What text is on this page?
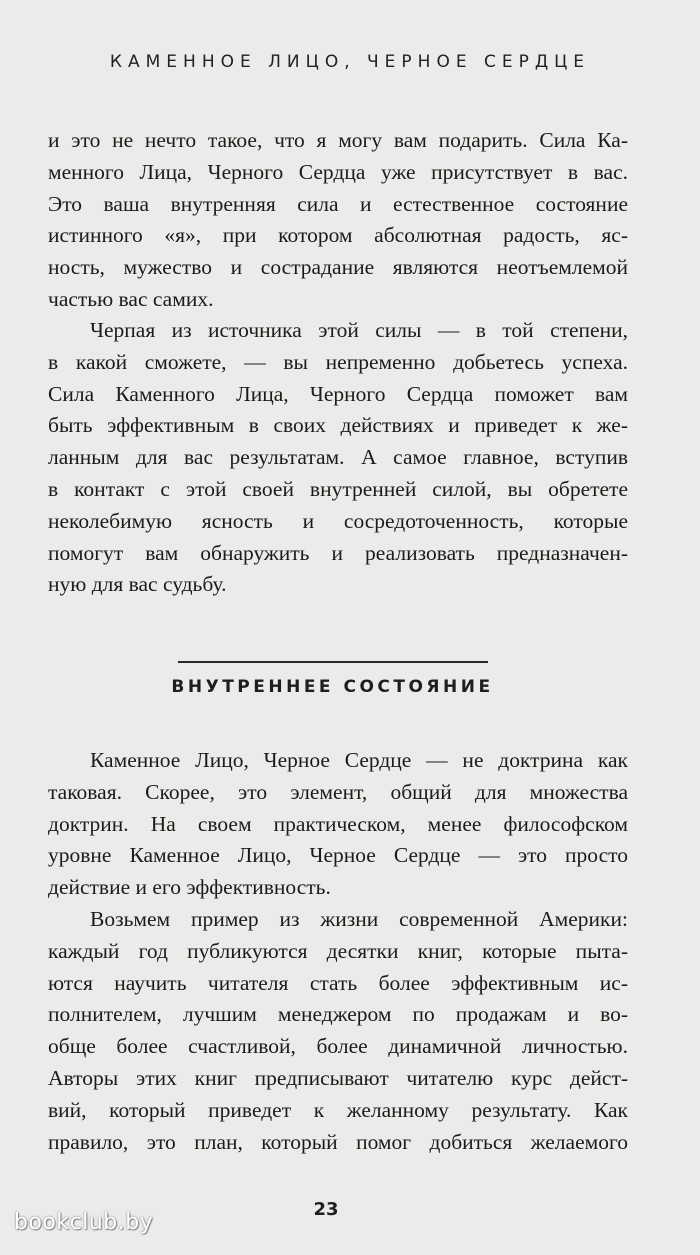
КАМЕННОЕ ЛИЦО, ЧЕРНОЕ СЕРДЦЕ
и это не нечто такое, что я могу вам подарить. Сила Ка-
менного Лица, Черного Сердца уже присутствует в вас.
Это ваша внутренняя сила и естественное состояние
истинного «я», при котором абсолютная радость, яс-
ность, мужество и сострадание являются неотъемлемой
частью вас самих.
Черпая из источника этой силы — в той степени,
в какой сможете, — вы непременно добьетесь успеха.
Сила Каменного Лица, Черного Сердца поможет вам
быть эффективным в своих действиях и приведет к же-
ланным для вас результатам. А самое главное, вступив
в контакт с этой своей внутренней силой, вы обретете
неколебимую ясность и сосредоточенность, которые
помогут вам обнаружить и реализовать предназначен-
ную для вас судьбу.
ВНУТРЕННЕЕ СОСТОЯНИЕ
Каменное Лицо, Черное Сердце — не доктрина как
таковая. Скорее, это элемент, общий для множества
доктрин. На своем практическом, менее философском
уровне Каменное Лицо, Черное Сердце — это просто
действие и его эффективность.
Возьмем пример из жизни современной Америки:
каждый год публикуются десятки книг, которые пыта-
ются научить читателя стать более эффективным ис-
полнителем, лучшим менеджером по продажам и во-
обще более счастливой, более динамичной личностью.
Авторы этих книг предписывают читателю курс дейст-
вий, который приведет к желанному результату. Как
правило, это план, который помог добиться желаемого
23
bookclub.by
